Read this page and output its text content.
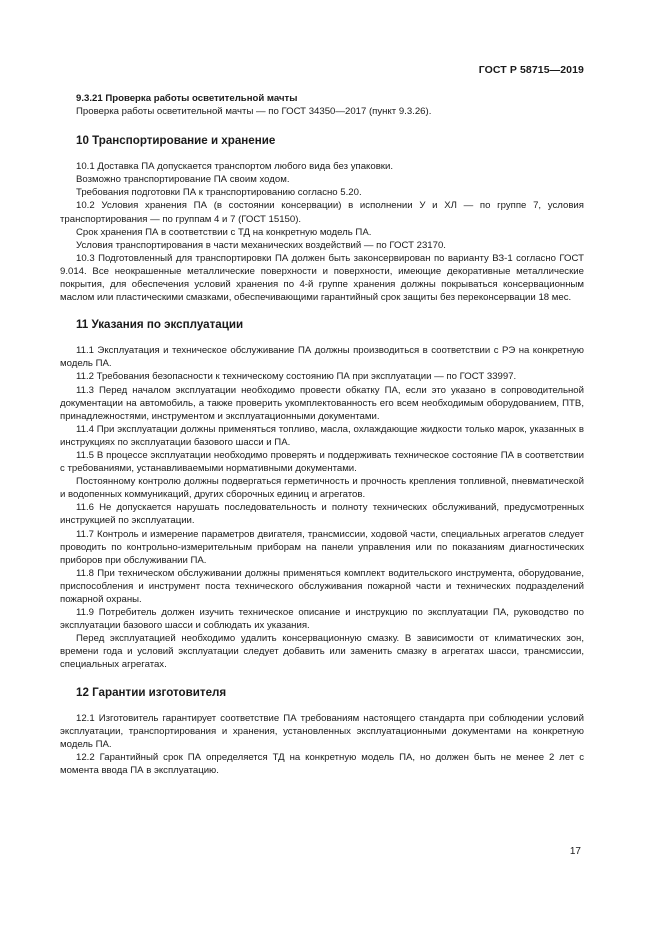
ГОСТ Р 58715—2019
9.3.21 Проверка работы осветительной мачты
Проверка работы осветительной мачты — по ГОСТ 34350—2017 (пункт 9.3.26).
10 Транспортирование и хранение
10.1 Доставка ПА допускается транспортом любого вида без упаковки.
Возможно транспортирование ПА своим ходом.
Требования подготовки ПА к транспортированию согласно 5.20.
10.2 Условия хранения ПА (в состоянии консервации) в исполнении У и ХЛ — по группе 7, условия транспортирования — по группам 4 и 7 (ГОСТ 15150).
Срок хранения ПА в соответствии с ТД на конкретную модель ПА.
Условия транспортирования в части механических воздействий — по ГОСТ 23170.
10.3 Подготовленный для транспортировки ПА должен быть законсервирован по варианту ВЗ-1 согласно ГОСТ 9.014. Все неокрашенные металлические поверхности и поверхности, имеющие декоративные металлические покрытия, для обеспечения условий хранения по 4-й группе хранения должны покрываться консервационным маслом или пластическими смазками, обеспечивающими гарантийный срок защиты без переконсервации 18 мес.
11 Указания по эксплуатации
11.1 Эксплуатация и техническое обслуживание ПА должны производиться в соответствии с РЭ на конкретную модель ПА.
11.2 Требования безопасности к техническому состоянию ПА при эксплуатации — по ГОСТ 33997.
11.3 Перед началом эксплуатации необходимо провести обкатку ПА, если это указано в сопроводительной документации на автомобиль, а также проверить укомплектованность его всем необходимым оборудованием, ПТВ, принадлежностями, инструментом и эксплуатационными документами.
11.4 При эксплуатации должны применяться топливо, масла, охлаждающие жидкости только марок, указанных в инструкциях по эксплуатации базового шасси и ПА.
11.5 В процессе эксплуатации необходимо проверять и поддерживать техническое состояние ПА в соответствии с требованиями, устанавливаемыми нормативными документами.
Постоянному контролю должны подвергаться герметичность и прочность крепления топливной, пневматической и водопенных коммуникаций, других сборочных единиц и агрегатов.
11.6 Не допускается нарушать последовательность и полноту технических обслуживаний, предусмотренных инструкцией по эксплуатации.
11.7 Контроль и измерение параметров двигателя, трансмиссии, ходовой части, специальных агрегатов следует проводить по контрольно-измерительным приборам на панели управления или по показаниям диагностических приборов при обслуживании ПА.
11.8 При техническом обслуживании должны применяться комплект водительского инструмента, оборудование, приспособления и инструмент поста технического обслуживания пожарной части и технических подразделений пожарной охраны.
11.9 Потребитель должен изучить техническое описание и инструкцию по эксплуатации ПА, руководство по эксплуатации базового шасси и соблюдать их указания.
Перед эксплуатацией необходимо удалить консервационную смазку. В зависимости от климатических зон, времени года и условий эксплуатации следует добавить или заменить смазку в агрегатах шасси, трансмиссии, специальных агрегатах.
12 Гарантии изготовителя
12.1 Изготовитель гарантирует соответствие ПА требованиям настоящего стандарта при соблюдении условий эксплуатации, транспортирования и хранения, установленных эксплуатационными документами на конкретную модель ПА.
12.2 Гарантийный срок ПА определяется ТД на конкретную модель ПА, но должен быть не менее 2 лет с момента ввода ПА в эксплуатацию.
17
